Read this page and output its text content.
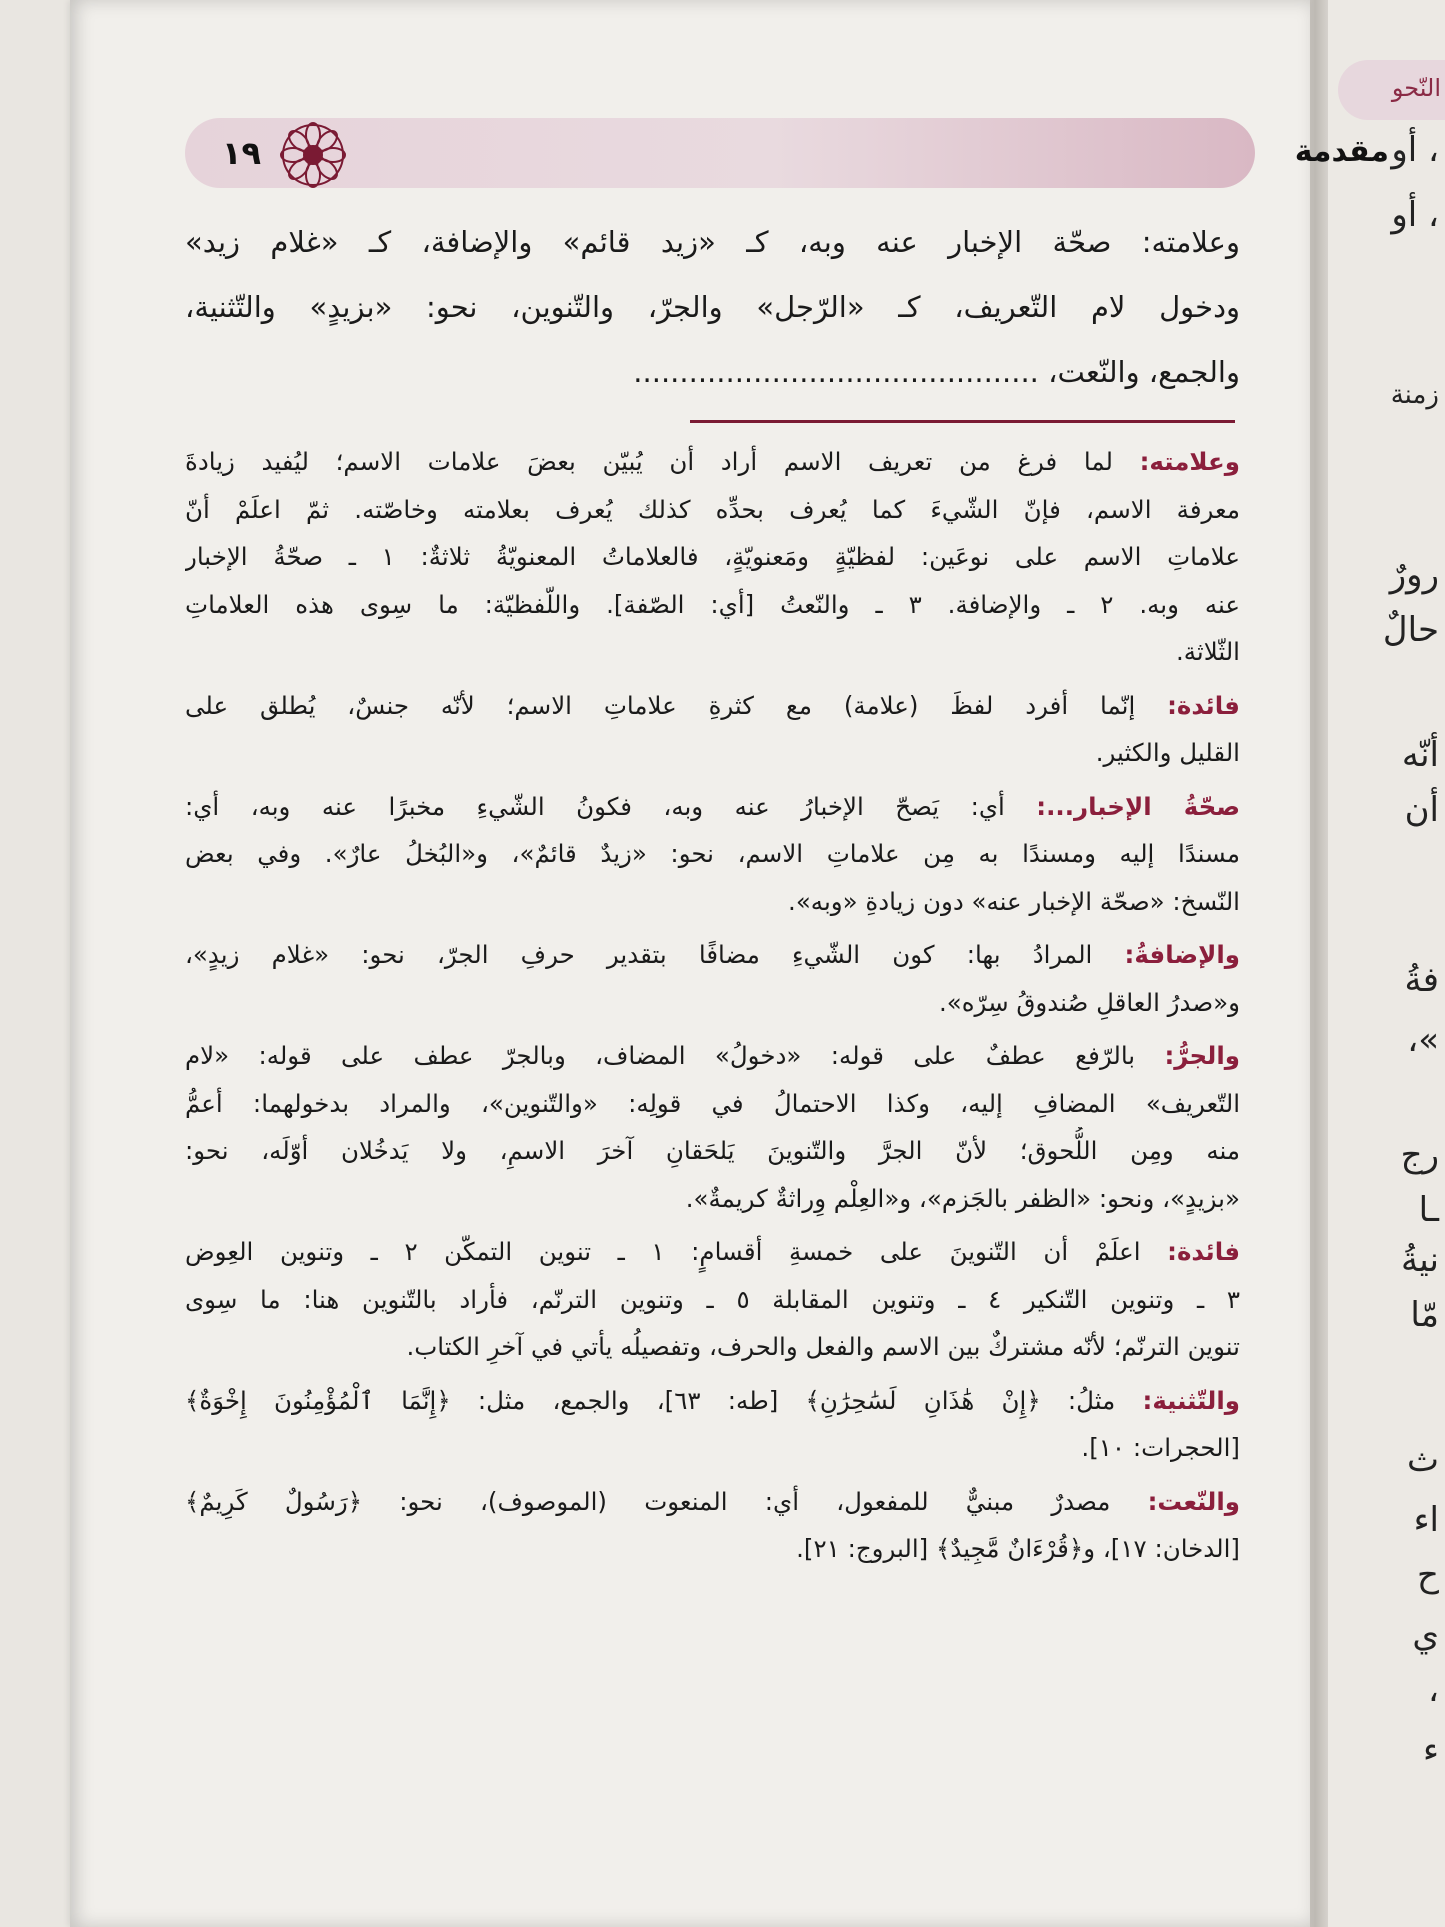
النّحو
، أو
، أو
زمنة
رورٌ
حالٌ
أنّه
أن
فةُ
»،
رج
ـا
نيةُ
مّا
ث
اء
ح
ي
،
ء
مقدمة
١٩
وعلامته: صحّة الإخبار عنه وبه، كـ «زيد قائم» والإضافة، كـ «غلام زيد»
ودخول لام التّعريف، كـ «الرّجل» والجرّ، والتّنوين، نحو: «بزيدٍ» والتّثنية،
والجمع، والنّعت، ............................................
وعلامته: لما فرغ من تعريف الاسم أراد أن يُبيّن بعضَ علامات الاسم؛ ليُفيد زيادةَ
معرفة الاسم، فإنّ الشّيءَ كما يُعرف بحدِّه كذلك يُعرف بعلامته وخاصّته. ثمّ اعلَمْ أنّ
علاماتِ الاسم على نوعَين: لفظيّةٍ ومَعنويّةٍ، فالعلاماتُ المعنويّةُ ثلاثةٌ: ١ ـ صحّةُ الإخبار
عنه وبه. ٢ ـ والإضافة. ٣ ـ والنّعتُ [أي: الصّفة]. واللّفظيّة: ما سِوى هذه العلاماتِ
الثّلاثة.
فائدة: إنّما أفرد لفظَ (علامة) مع كثرةِ علاماتِ الاسم؛ لأنّه جنسٌ، يُطلق على
القليل والكثير.
صحّةُ الإخبار...: أي: يَصحّ الإخبارُ عنه وبه، فكونُ الشّيءِ مخبرًا عنه وبه، أي:
مسندًا إليه ومسندًا به مِن علاماتِ الاسم، نحو: «زيدٌ قائمٌ»، و«البُخلُ عارٌ». وفي بعض
النّسخ: «صحّة الإخبار عنه» دون زيادةِ «وبه».
والإضافةُ: المرادُ بها: كون الشّيءِ مضافًا بتقدير حرفِ الجرّ، نحو: «غلام زيدٍ»،
و«صدرُ العاقلِ صُندوقُ سِرّه».
والجرُّ: بالرّفع عطفٌ على قوله: «دخولُ» المضاف، وبالجرّ عطف على قوله: «لام
التّعريف» المضافِ إليه، وكذا الاحتمالُ في قولِه: «والتّنوين»، والمراد بدخولهما: أعمُّ
منه ومِن اللُّحوق؛ لأنّ الجرَّ والتّنوينَ يَلحَقانِ آخرَ الاسمِ، ولا يَدخُلان أوّلَه، نحو:
«بزيدٍ»، ونحو: «الظفر بالجَزم»، و«العِلْم وِراثةٌ كريمةٌ».
فائدة: اعلَمْ أن التّنوينَ على خمسةِ أقسامٍ: ١ ـ تنوين التمكّن ٢ ـ وتنوين العِوض
٣ ـ وتنوين التّنكير ٤ ـ وتنوين المقابلة ٥ ـ وتنوين الترنّم، فأراد بالتّنوين هنا: ما سِوى
تنوين الترنّم؛ لأنّه مشتركٌ بين الاسم والفعل والحرف، وتفصيلُه يأتي في آخرِ الكتاب.
والتّثنية: مثلُ: ﴿إِنْ هَٰذَانِ لَسَٰحِرَٰنِ﴾ [طه: ٦٣]، والجمع، مثل: ﴿إِنَّمَا ٱلْمُؤْمِنُونَ إِخْوَةٌ﴾
[الحجرات: ١٠].
والنّعت: مصدرٌ مبنيٌّ للمفعول، أي: المنعوت (الموصوف)، نحو: ﴿رَسُولٌ كَرِيمٌ﴾
[الدخان: ١٧]، و﴿قُرْءَانٌ مَّجِيدٌ﴾ [البروج: ٢١].
